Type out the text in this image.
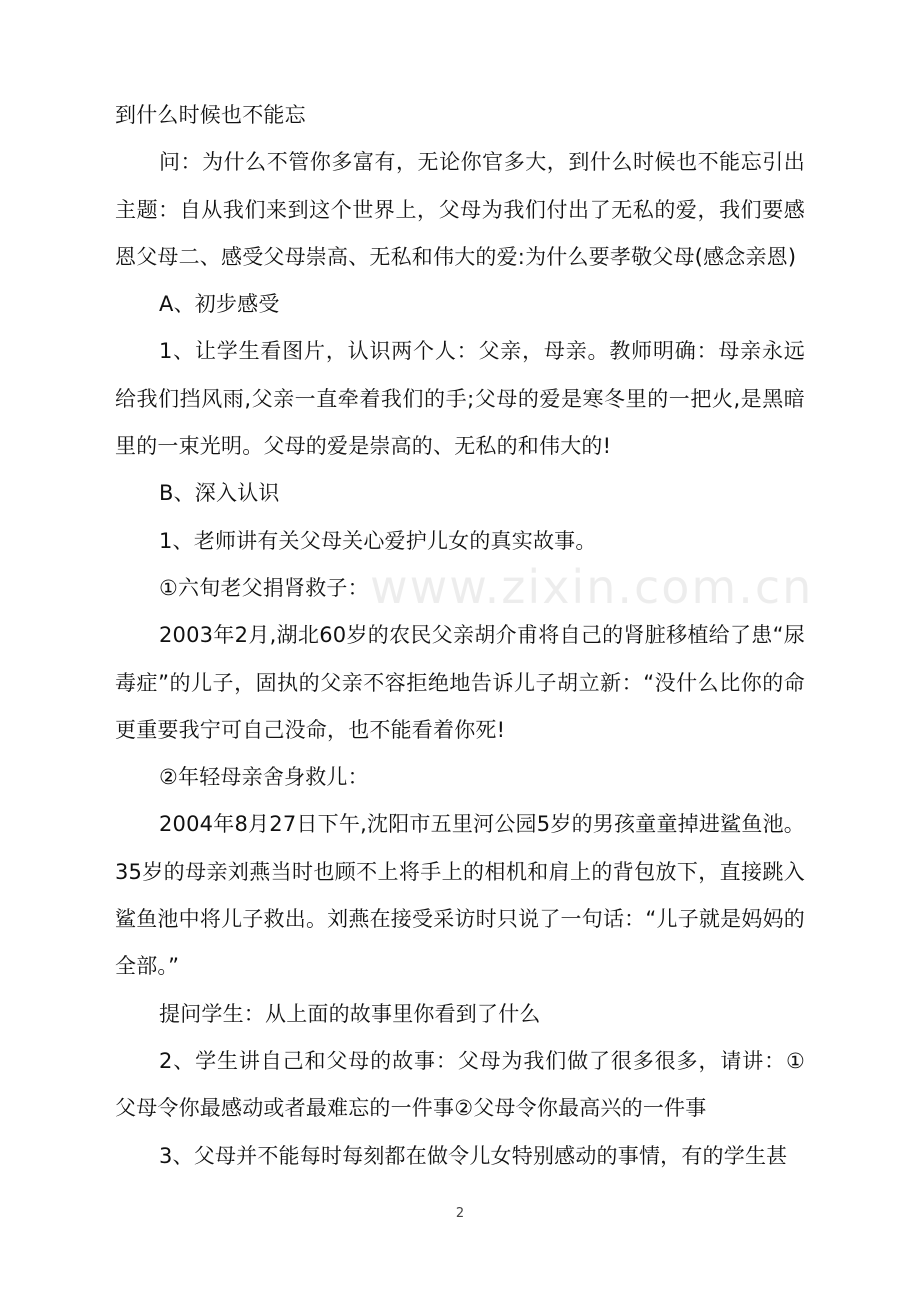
www.zixin.com.cn

到什么时候也不能忘

问：为什么不管你多富有，无论你官多大，到什么时候也不能忘引出主题：自从我们来到这个世界上，父母为我们付出了无私的爱，我们要感恩父母二、感受父母崇高、无私和伟大的爱:为什么要孝敬父母(感念亲恩)

A、初步感受

1、让学生看图片，认识两个人：父亲，母亲。教师明确：母亲永远给我们挡风雨,父亲一直牵着我们的手;父母的爱是寒冬里的一把火,是黑暗里的一束光明。父母的爱是崇高的、无私的和伟大的!

B、深入认识

1、老师讲有关父母关心爱护儿女的真实故事。

①六旬老父捐肾救子：

2003年2月,湖北60岁的农民父亲胡介甫将自己的肾脏移植给了患“尿毒症”的儿子，固执的父亲不容拒绝地告诉儿子胡立新：“没什么比你的命更重要我宁可自己没命，也不能看着你死!

②年轻母亲舍身救儿：

2004年8月27日下午,沈阳市五里河公园5岁的男孩童童掉进鲨鱼池。35岁的母亲刘燕当时也顾不上将手上的相机和肩上的背包放下，直接跳入鲨鱼池中将儿子救出。刘燕在接受采访时只说了一句话：“儿子就是妈妈的全部。”

提问学生：从上面的故事里你看到了什么

2、学生讲自己和父母的故事：父母为我们做了很多很多，请讲：①父母令你最感动或者最难忘的一件事②父母令你最高兴的一件事

3、父母并不能每时每刻都在做令儿女特别感动的事情，有的学生甚

2
